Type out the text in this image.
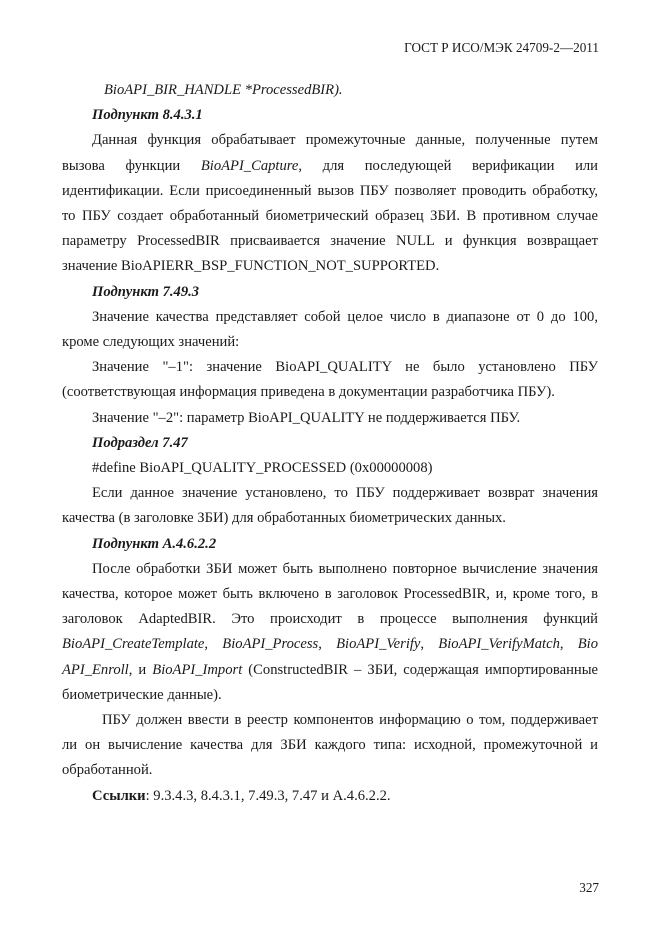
ГОСТ Р ИСО/МЭК 24709-2—2011

BioAPI_BIR_HANDLE *ProcessedBIR).

Подпункт 8.4.3.1

Данная функция обрабатывает промежуточные данные, полученные путем вызова функции BioAPI_Capture, для последующей верификации или идентификации. Если присоединенный вызов ПБУ позволяет проводить обработку, то ПБУ создает обработанный биометрический образец ЗБИ. В противном случае параметру ProcessedBIR присваивается значение NULL и функция возвращает значение BioAPIERR_BSP_FUNCTION_NOT_SUPPORTED.

Подпункт 7.49.3

Значение качества представляет собой целое число в диапазоне от 0 до 100, кроме следующих значений:

Значение "–1": значение BioAPI_QUALITY не было установлено ПБУ (соответствующая информация приведена в документации разработчика ПБУ).

Значение "–2": параметр BioAPI_QUALITY не поддерживается ПБУ.

Подраздел 7.47

#define BioAPI_QUALITY_PROCESSED (0x00000008)

Если данное значение установлено, то ПБУ поддерживает возврат значения качества (в заголовке ЗБИ) для обработанных биометрических данных.

Подпункт А.4.6.2.2

После обработки ЗБИ может быть выполнено повторное вычисление значения качества, которое может быть включено в заголовок ProcessedBIR, и, кроме того, в заголовок AdaptedBIR. Это происходит в процессе выполнения функций BioAPI_CreateTemplate, BioAPI_Process, BioAPI_Verify, BioAPI_VerifyMatch, Bio API_Enroll, и BioAPI_Import (ConstructedBIR – ЗБИ, содержащая импортированные биометрические данные).

ПБУ должен ввести в реестр компонентов информацию о том, поддерживает ли он вычисление качества для ЗБИ каждого типа: исходной, промежуточной и обработанной.

Ссылки: 9.3.4.3, 8.4.3.1, 7.49.3, 7.47 и А.4.6.2.2.

327
